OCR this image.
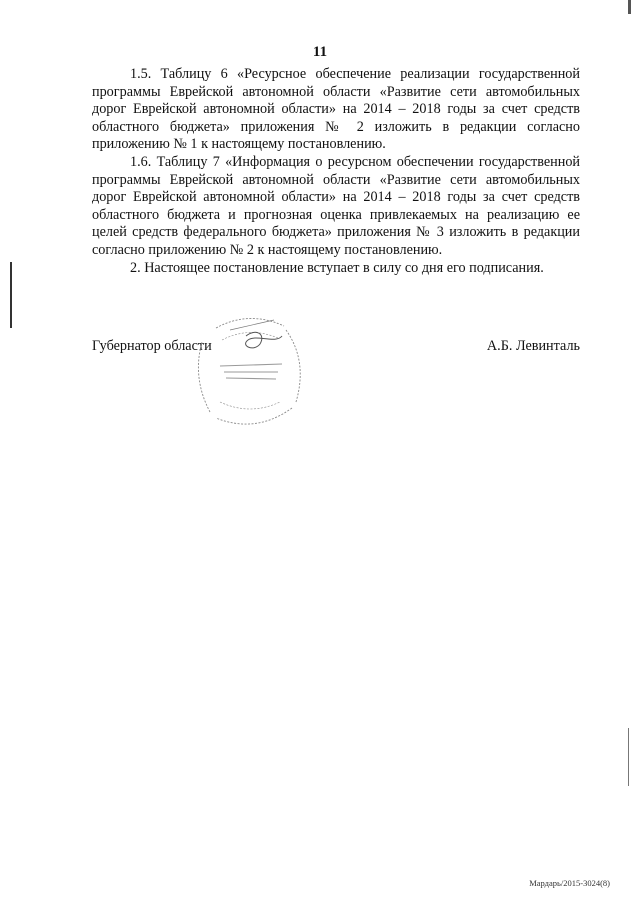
11

1.5. Таблицу 6 «Ресурсное обеспечение реализации государственной программы Еврейской автономной области «Развитие сети автомобильных дорог Еврейской автономной области» на 2014 – 2018 годы за счет средств областного бюджета» приложения № 2 изложить в редакции согласно приложению № 1 к настоящему постановлению.

1.6. Таблицу 7 «Информация о ресурсном обеспечении государственной программы Еврейской автономной области «Развитие сети автомобильных дорог Еврейской автономной области» на 2014 – 2018 годы за счет средств областного бюджета и прогнозная оценка привлекаемых на реализацию ее целей средств федерального бюджета» приложения № 3 изложить в редакции согласно приложению № 2 к настоящему постановлению.

2. Настоящее постановление вступает в силу со дня его подписания.

Губернатор области	А.Б. Левинталь
Мардарь/2015-3024(8)
